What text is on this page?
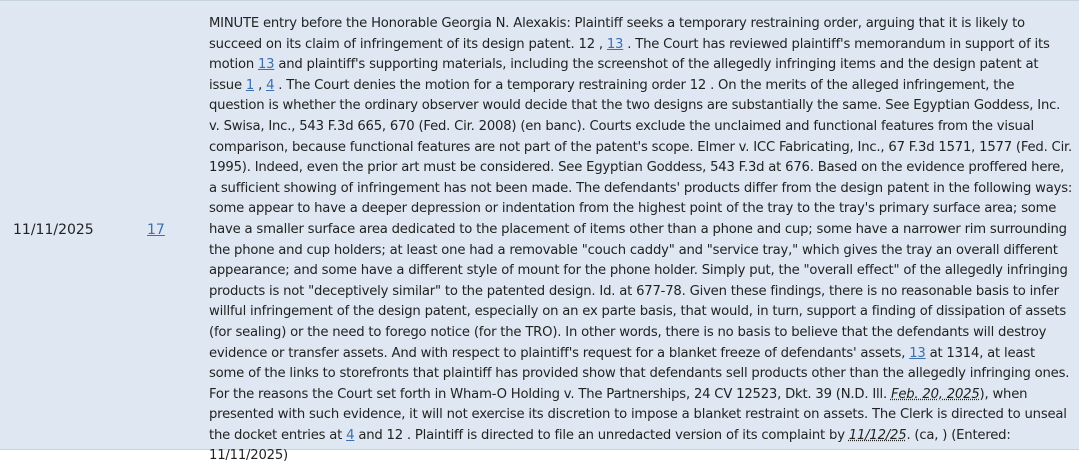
11/11/2025	17
MINUTE entry before the Honorable Georgia N. Alexakis: Plaintiff seeks a temporary restraining order, arguing that it is likely to succeed on its claim of infringement of its design patent. 12 , 13 . The Court has reviewed plaintiff's memorandum in support of its motion 13 and plaintiff's supporting materials, including the screenshot of the allegedly infringing items and the design patent at issue 1 , 4 . The Court denies the motion for a temporary restraining order 12 . On the merits of the alleged infringement, the question is whether the ordinary observer would decide that the two designs are substantially the same. See Egyptian Goddess, Inc. v. Swisa, Inc., 543 F.3d 665, 670 (Fed. Cir. 2008) (en banc). Courts exclude the unclaimed and functional features from the visual comparison, because functional features are not part of the patent's scope. Elmer v. ICC Fabricating, Inc., 67 F.3d 1571, 1577 (Fed. Cir. 1995). Indeed, even the prior art must be considered. See Egyptian Goddess, 543 F.3d at 676. Based on the evidence proffered here, a sufficient showing of infringement has not been made. The defendants' products differ from the design patent in the following ways: some appear to have a deeper depression or indentation from the highest point of the tray to the tray's primary surface area; some have a smaller surface area dedicated to the placement of items other than a phone and cup; some have a narrower rim surrounding the phone and cup holders; at least one had a removable "couch caddy" and "service tray," which gives the tray an overall different appearance; and some have a different style of mount for the phone holder. Simply put, the "overall effect" of the allegedly infringing products is not "deceptively similar" to the patented design. Id. at 677-78. Given these findings, there is no reasonable basis to infer willful infringement of the design patent, especially on an ex parte basis, that would, in turn, support a finding of dissipation of assets (for sealing) or the need to forego notice (for the TRO). In other words, there is no basis to believe that the defendants will destroy evidence or transfer assets. And with respect to plaintiff's request for a blanket freeze of defendants' assets, 13 at 1314, at least some of the links to storefronts that plaintiff has provided show that defendants sell products other than the allegedly infringing ones. For the reasons the Court set forth in Wham-O Holding v. The Partnerships, 24 CV 12523, Dkt. 39 (N.D. Ill. Feb. 20, 2025), when presented with such evidence, it will not exercise its discretion to impose a blanket restraint on assets. The Clerk is directed to unseal the docket entries at 4 and 12 . Plaintiff is directed to file an unredacted version of its complaint by 11/12/25. (ca, ) (Entered: 11/11/2025)
